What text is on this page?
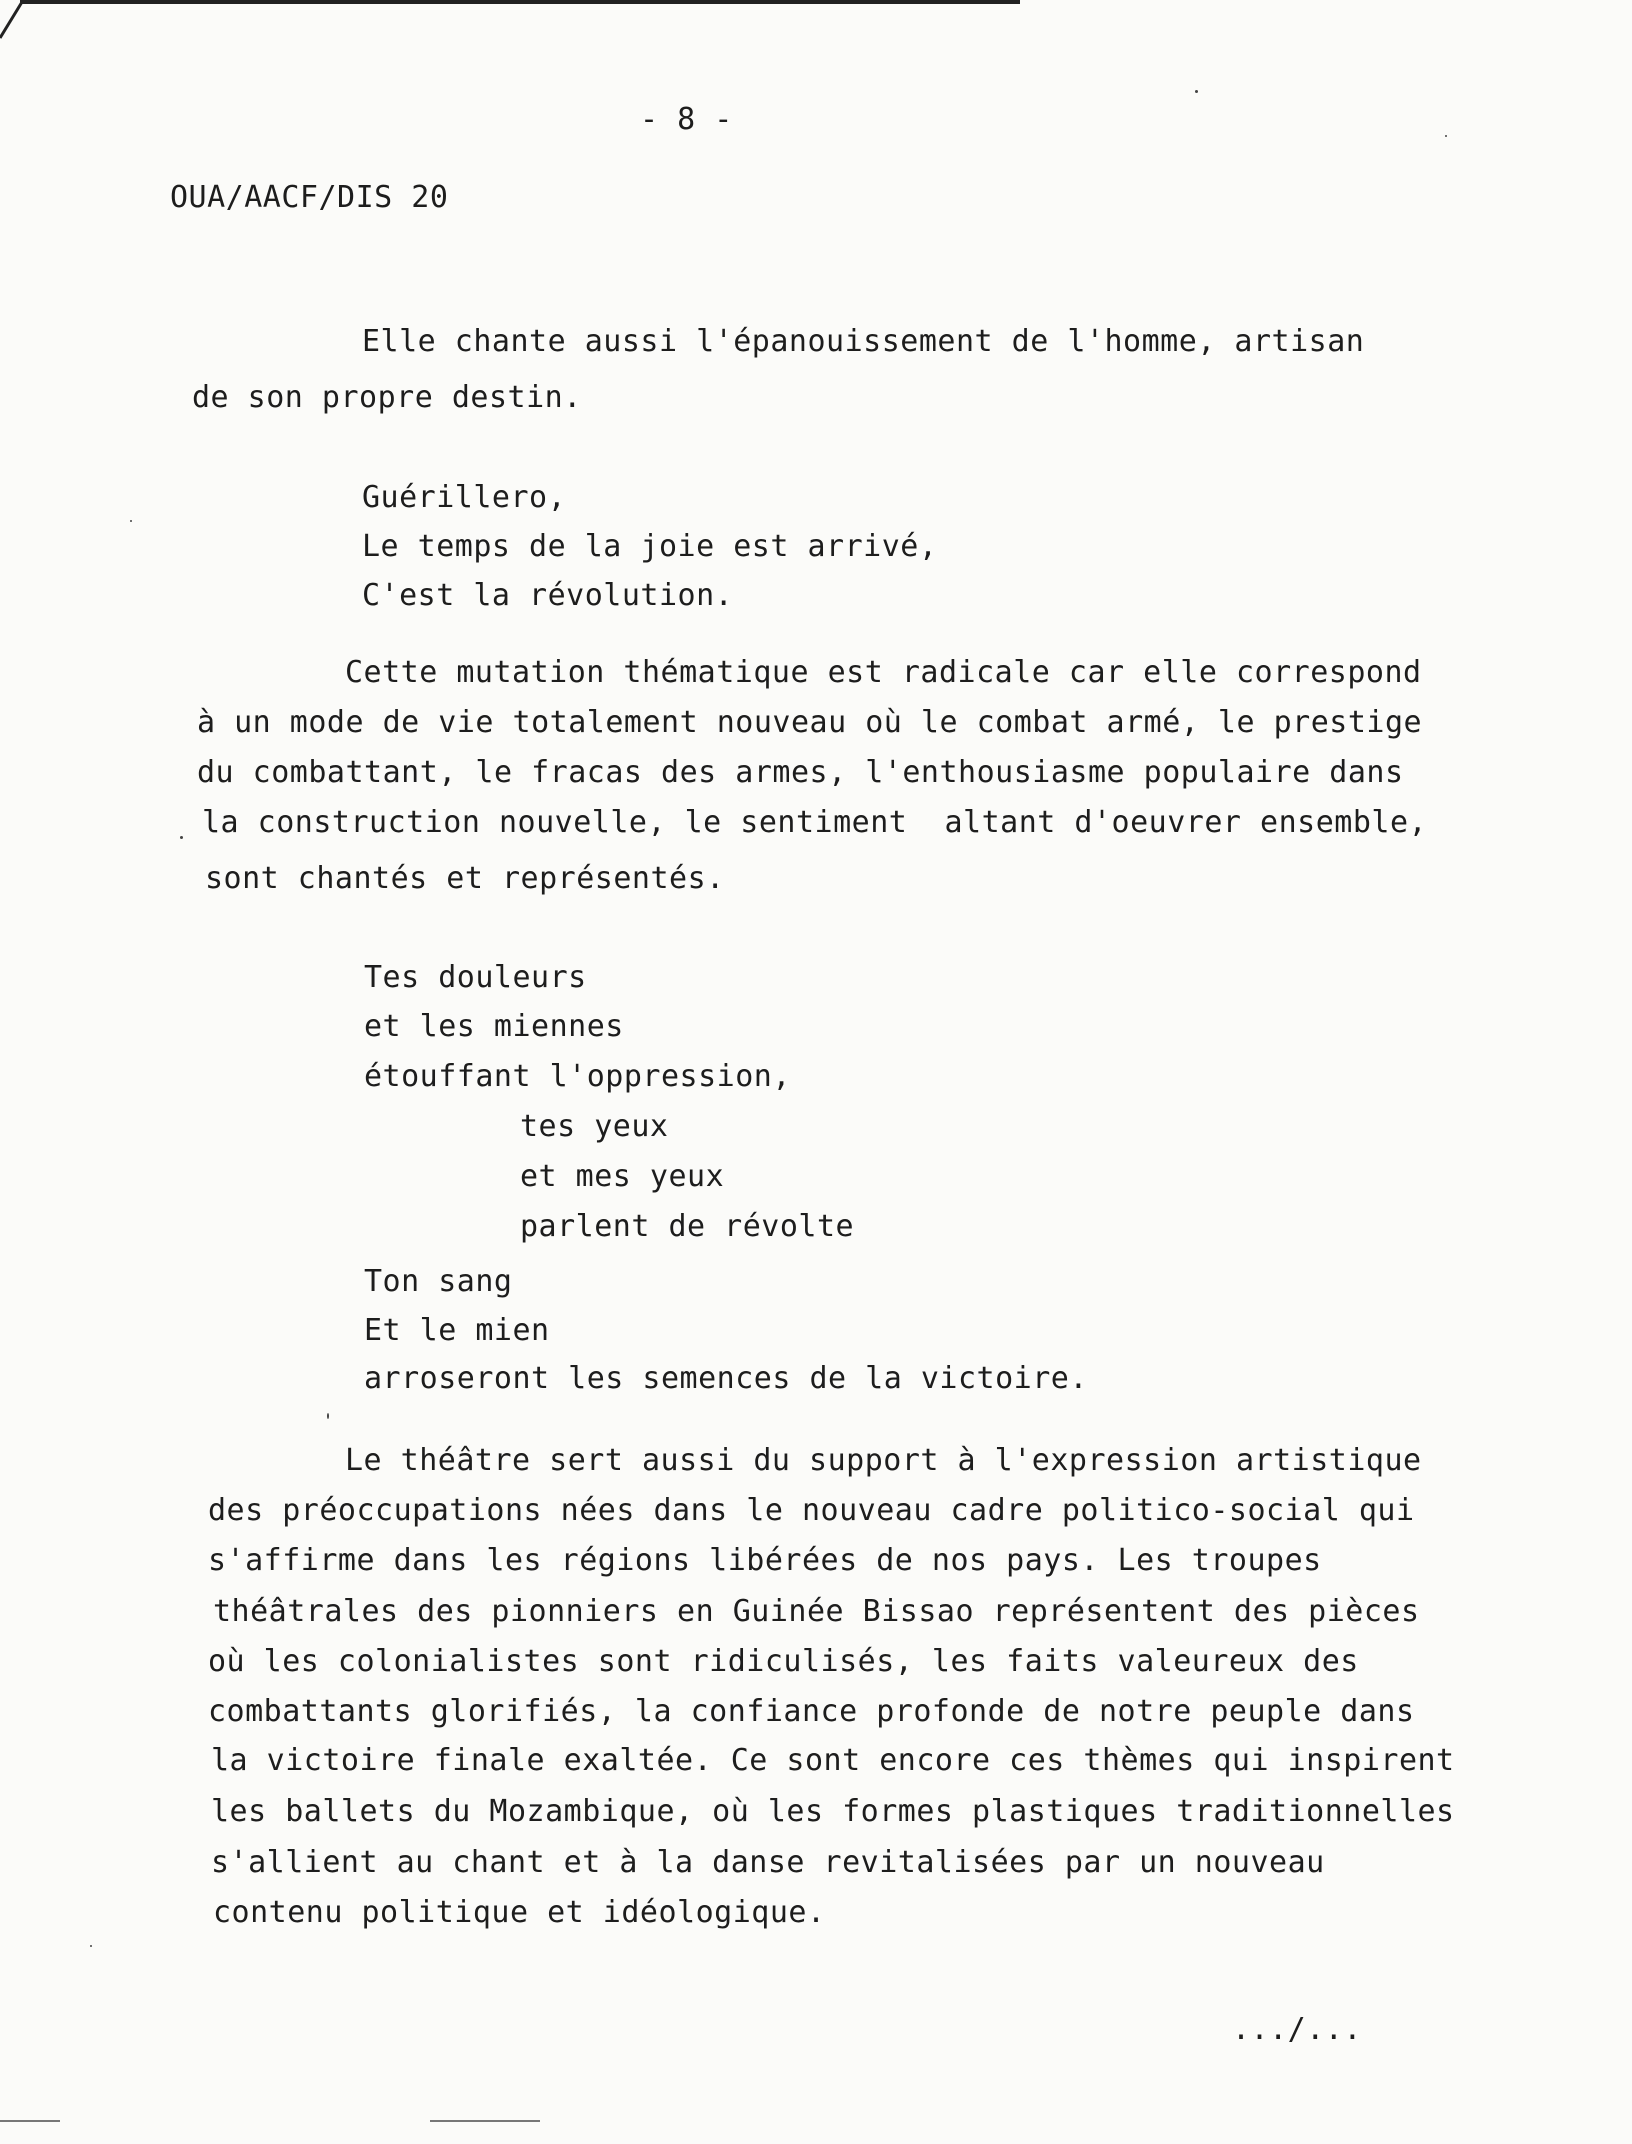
- 8 -
OUA/AACF/DIS 20
Elle chante aussi l'épanouissement de l'homme, artisan
de son propre destin.
Guérillero,
Le temps de la joie est arrivé,
C'est la révolution.
Cette mutation thématique est radicale car elle correspond
à un mode de vie totalement nouveau où le combat armé, le prestige
du combattant, le fracas des armes, l'enthousiasme populaire dans
la construction nouvelle, le sentiment  altant d'oeuvrer ensemble,
sont chantés et représentés.
Tes douleurs
et les miennes
étouffant l'oppression,
tes yeux
et mes yeux
parlent de révolte
Ton sang
Et le mien
arroseront les semences de la victoire.
Le théâtre sert aussi du support à l'expression artistique
des préoccupations nées dans le nouveau cadre politico-social qui
s'affirme dans les régions libérées de nos pays. Les troupes
théâtrales des pionniers en Guinée Bissao représentent des pièces
où les colonialistes sont ridiculisés, les faits valeureux des
combattants glorifiés, la confiance profonde de notre peuple dans
la victoire finale exaltée. Ce sont encore ces thèmes qui inspirent
les ballets du Mozambique, où les formes plastiques traditionnelles
s'allient au chant et à la danse revitalisées par un nouveau
contenu politique et idéologique.
.../...
